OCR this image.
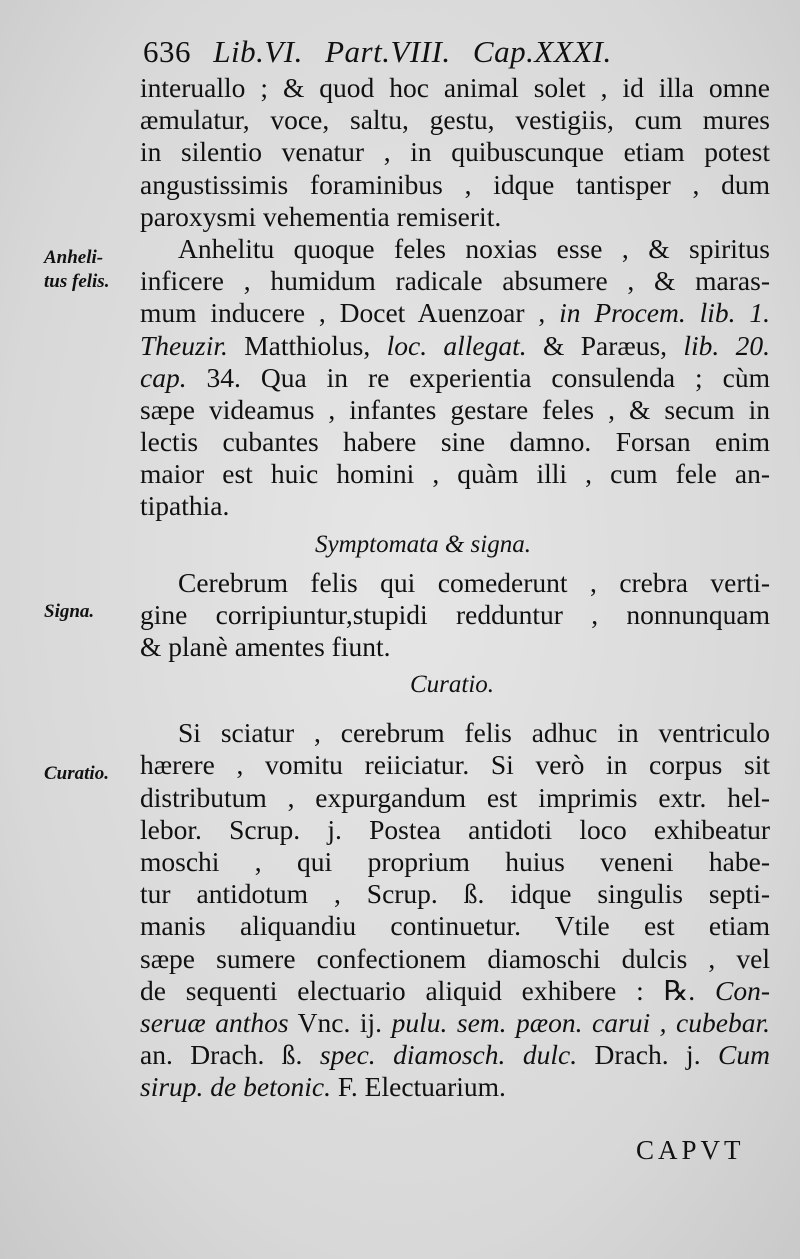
636 Lib.VI. Part.VIII. Cap.XXXI.
Anheli-
tus felis.
Signa.
Curatio.
interuallo ; & quod hoc animal solet , id illa omne
æmulatur, voce, saltu, gestu, vestigiis, cum mures
in silentio venatur , in quibuscunque etiam potest
angustissimis foraminibus , idque tantisper , dum
paroxysmi vehementia remiserit.
Anhelitu quoque feles noxias esse , & spiritus
inficere , humidum radicale absumere , & maras-
mum inducere , Docet Auenzoar , in Procem. lib. 1.
Theuzir. Matthiolus, loc. allegat. & Paræus, lib. 20.
cap. 34. Qua in re experientia consulenda ; cùm
sæpe videamus , infantes gestare feles , & secum in
lectis cubantes habere sine damno. Forsan enim
maior est huic homini , quàm illi , cum fele an-
tipathia.
Symptomata & signa.
Cerebrum felis qui comederunt , crebra verti-
gine corripiuntur,stupidi redduntur , nonnunquam
& planè amentes fiunt.
Curatio.
Si sciatur , cerebrum felis adhuc in ventriculo
hærere , vomitu reiiciatur. Si verò in corpus sit
distributum , expurgandum est imprimis extr. hel-
lebor. Scrup. j. Postea antidoti loco exhibeatur
moschi , qui proprium huius veneni habe-
tur antidotum , Scrup. ß. idque singulis septi-
manis aliquandiu continuetur. Vtile est etiam
sæpe sumere confectionem diamoschi dulcis , vel
de sequenti electuario aliquid exhibere : ℞. Con-
seruæ anthos Vnc. ij. pulu. sem. pæon. carui , cubebar.
an. Drach. ß. spec. diamosch. dulc. Drach. j. Cum
sirup. de betonic. F. Electuarium.
CAPVT
